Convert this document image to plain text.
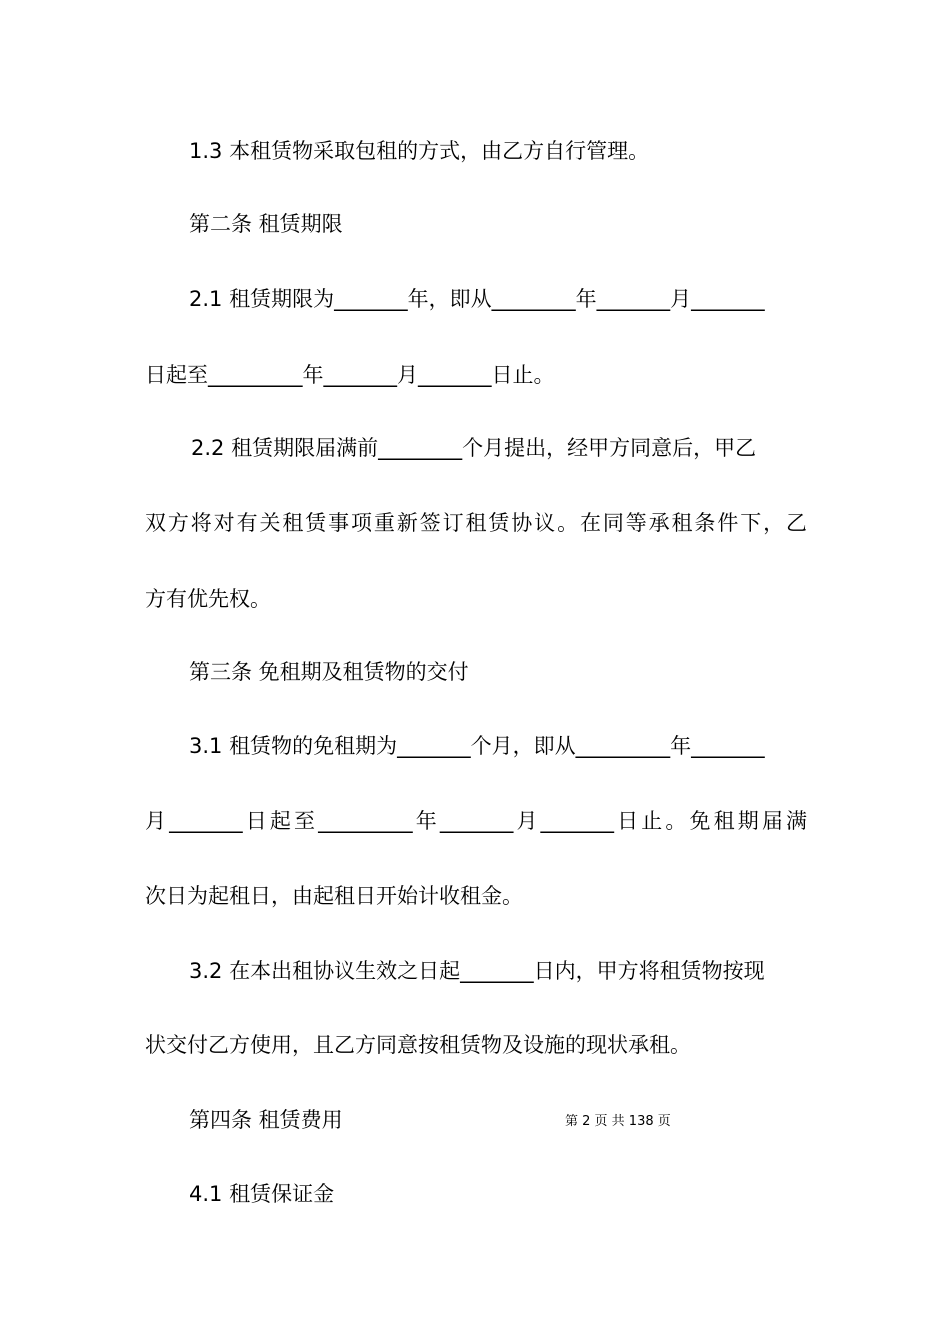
1.3 本租赁物采取包租的方式，由乙方自行管理。

第二条 租赁期限

2.1 租赁期限为_______年，即从________年_______月_______

日起至_________年_______月_______日止。

2.2 租赁期限届满前________个月提出，经甲方同意后，甲乙

双方将对有关租赁事项重新签订租赁协议。在同等承租条件下，乙

方有优先权。

第三条 免租期及租赁物的交付

3.1 租赁物的免租期为_______个月，即从_________年_______

月_______日起至_________年_______月_______日止。免租期届满

次日为起租日，由起租日开始计收租金。

3.2 在本出租协议生效之日起_______日内，甲方将租赁物按现

状交付乙方使用，且乙方同意按租赁物及设施的现状承租。

第四条 租赁费用	第 2 页 共 138 页

4.1 租赁保证金
